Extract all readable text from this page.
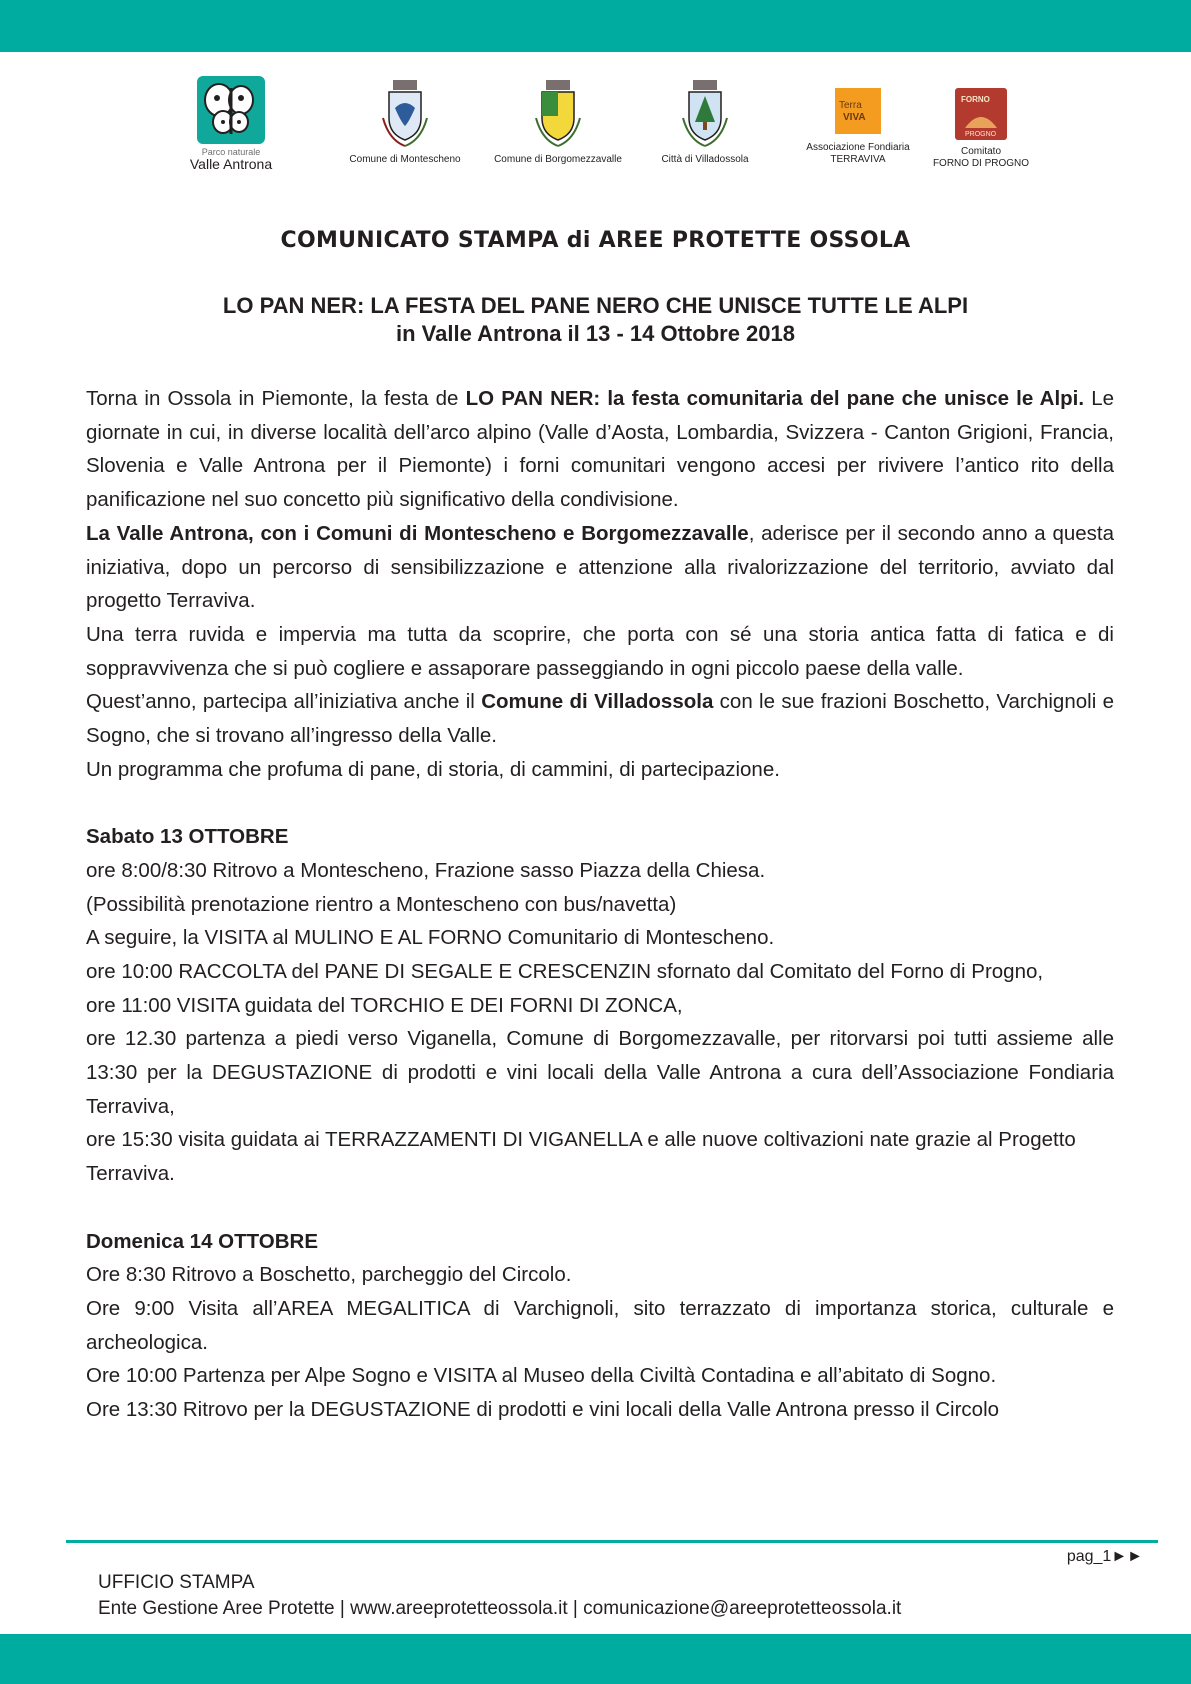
Parco naturale
Valle Antrona	Comune di Montescheno	Comune di Borgomezzavalle	Città di Villadossola
Terra
VIVA
Associazione Fondiaria
TERRAVIVA
FORNO
PROGNO
Comitato
FORNO DI PROGNO
COMUNICATO STAMPA di AREE PROTETTE OSSOLA
LO PAN NER: LA FESTA DEL PANE NERO CHE UNISCE TUTTE LE ALPI
in Valle Antrona il 13 - 14 Ottobre 2018

Torna in Ossola in Piemonte, la festa de LO PAN NER: la festa comunitaria del pane che unisce le Alpi. Le giornate in cui, in diverse località dell’arco alpino (Valle d’Aosta, Lombardia, Svizzera - Canton Grigioni, Francia, Slovenia e Valle Antrona per il Piemonte) i forni comunitari vengono accesi per rivivere l’antico rito della panificazione nel suo concetto più significativo della condivisione.

La Valle Antrona, con i Comuni di Montescheno e Borgomezzavalle, aderisce per il secondo anno a questa iniziativa, dopo un percorso di sensibilizzazione e attenzione alla rivalorizzazione del territorio, avviato dal progetto Terraviva.

Una terra ruvida e impervia ma tutta da scoprire, che porta con sé una storia antica fatta di fatica e di soppravvivenza che si può cogliere e assaporare passeggiando in ogni piccolo paese della valle.

Quest’anno, partecipa all’iniziativa anche il Comune di Villadossola con le sue frazioni Boschetto, Varchignoli e Sogno, che si trovano all’ingresso della Valle.

Un programma che profuma di pane, di storia, di cammini, di partecipazione.

Sabato 13 OTTOBRE

ore 8:00/8:30 Ritrovo a Montescheno, Frazione sasso Piazza della Chiesa.

(Possibilità prenotazione rientro a Montescheno con bus/navetta)

A seguire, la VISITA al MULINO E AL FORNO Comunitario di Montescheno.

ore 10:00 RACCOLTA del PANE DI SEGALE E CRESCENZIN sfornato dal Comitato del Forno di Progno,

ore 11:00 VISITA guidata del TORCHIO E DEI FORNI DI ZONCA,

ore 12.30 partenza a piedi verso Viganella, Comune di Borgomezzavalle, per ritorvarsi poi tutti assieme alle 13:30 per la DEGUSTAZIONE di prodotti e vini locali della Valle Antrona a cura dell’Associazione Fondiaria Terraviva,

ore 15:30 visita guidata ai TERRAZZAMENTI DI VIGANELLA e alle nuove coltivazioni nate grazie al Progetto Terraviva.

Domenica 14 OTTOBRE

Ore 8:30 Ritrovo a Boschetto, parcheggio del Circolo.

Ore 9:00 Visita all’AREA MEGALITICA di Varchignoli, sito terrazzato di importanza storica, culturale e archeologica.

Ore 10:00 Partenza per Alpe Sogno e VISITA al Museo della Civiltà Contadina e all’abitato di Sogno.

Ore 13:30 Ritrovo per la DEGUSTAZIONE di prodotti e vini locali della Valle Antrona presso il Circolo

pag_1►►
UFFICIO STAMPA
Ente Gestione Aree Protette | www.areeprotetteossola.it | comunicazione@areeprotetteossola.it
